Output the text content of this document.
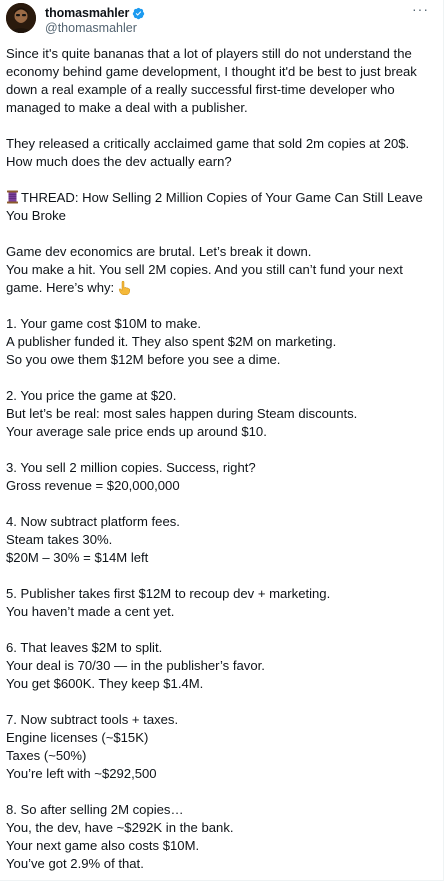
thomasmahler
@thomasmahler
···
Since it's quite bananas that a lot of players still do not understand the
economy behind game development, I thought it'd be best to just break
down a real example of a really successful first-time developer who
managed to make a deal with a publisher.
They released a critically acclaimed game that sold 2m copies at 20$.
How much does the dev actually earn?
THREAD: How Selling 2 Million Copies of Your Game Can Still Leave
You Broke
Game dev economics are brutal. Let’s break it down.
You make a hit. You sell 2M copies. And you still can’t fund your next
game. Here’s why:
1. Your game cost $10M to make.
A publisher funded it. They also spent $2M on marketing.
So you owe them $12M before you see a dime.
2. You price the game at $20.
But let’s be real: most sales happen during Steam discounts.
Your average sale price ends up around $10.
3. You sell 2 million copies. Success, right?
Gross revenue = $20,000,000
4. Now subtract platform fees.
Steam takes 30%.
$20M – 30% = $14M left
5. Publisher takes first $12M to recoup dev + marketing.
You haven’t made a cent yet.
6. That leaves $2M to split.
Your deal is 70/30 — in the publisher’s favor.
You get $600K. They keep $1.4M.
7. Now subtract tools + taxes.
Engine licenses (~$15K)
Taxes (~50%)
You’re left with ~$292,500
8. So after selling 2M copies…
You, the dev, have ~$292K in the bank.
Your next game also costs $10M.
You’ve got 2.9% of that.
